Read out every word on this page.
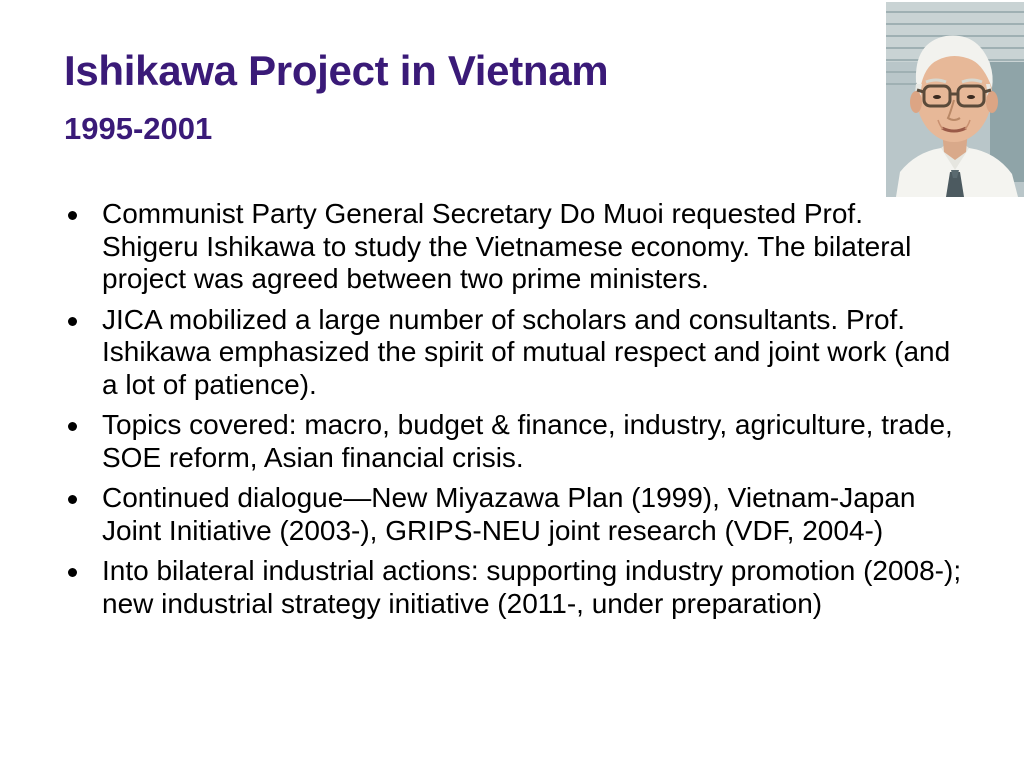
Ishikawa Project in Vietnam
1995-2001
Communist Party General Secretary Do Muoi requested Prof. Shigeru Ishikawa to study the Vietnamese economy. The bilateral project was agreed between two prime ministers.
JICA mobilized a large number of scholars and consultants. Prof. Ishikawa emphasized the spirit of mutual respect and joint work (and a lot of patience).
Topics covered: macro, budget & finance, industry, agriculture, trade, SOE reform, Asian financial crisis.
Continued dialogue—New Miyazawa Plan (1999), Vietnam-Japan Joint Initiative (2003-), GRIPS-NEU joint research (VDF, 2004-)
Into bilateral industrial actions: supporting industry promotion (2008-); new industrial strategy initiative (2011-, under preparation)
